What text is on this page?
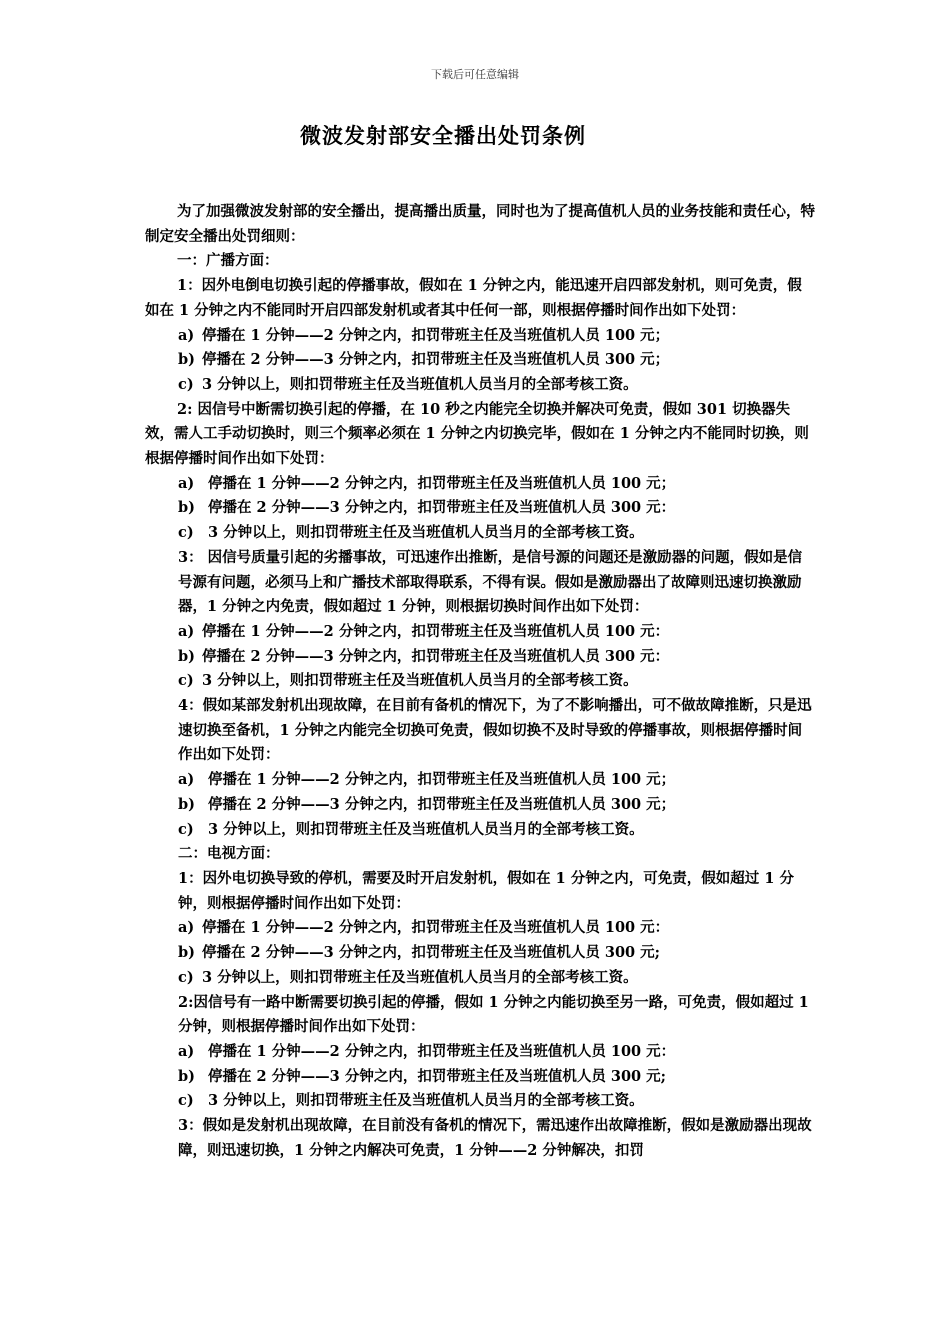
下载后可任意编辑
微波发射部安全播出处罚条例

为了加强微波发射部的安全播出，提高播出质量，同时也为了提高值机人员的业务技能和责任心，特制定安全播出处罚细则：

一：广播方面：

1：因外电倒电切换引起的停播事故，假如在 1 分钟之内，能迅速开启四部发射机，则可免责，假如在 1 分钟之内不能同时开启四部发射机或者其中任何一部，则根据停播时间作出如下处罚：

a) 停播在 1 分钟——2 分钟之内，扣罚带班主任及当班值机人员 100 元；
b) 停播在 2 分钟——3 分钟之内，扣罚带班主任及当班值机人员 300 元；
c) 3 分钟以上，则扣罚带班主任及当班值机人员当月的全部考核工资。

2: 因信号中断需切换引起的停播，在 10 秒之内能完全切换并解决可免责，假如 301 切换器失效，需人工手动切换时，则三个频率必须在 1 分钟之内切换完毕，假如在 1 分钟之内不能同时切换，则根据停播时间作出如下处罚：

a) 停播在 1 分钟——2 分钟之内，扣罚带班主任及当班值机人员 100 元；
b) 停播在 2 分钟——3 分钟之内，扣罚带班主任及当班值机人员 300 元：
c) 3 分钟以上，则扣罚带班主任及当班值机人员当月的全部考核工资。

3： 因信号质量引起的劣播事故，可迅速作出推断，是信号源的问题还是激励器的问题，假如是信号源有问题，必须马上和广播技术部取得联系，不得有误。假如是激励器出了故障则迅速切换激励器，1 分钟之内免责，假如超过 1 分钟，则根据切换时间作出如下处罚：

a) 停播在 1 分钟——2 分钟之内，扣罚带班主任及当班值机人员 100 元：
b) 停播在 2 分钟——3 分钟之内，扣罚带班主任及当班值机人员 300 元：
c) 3 分钟以上，则扣罚带班主任及当班值机人员当月的全部考核工资。

4：假如某部发射机出现故障，在目前有备机的情况下，为了不影响播出，可不做故障推断，只是迅速切换至备机，1 分钟之内能完全切换可免责，假如切换不及时导致的停播事故，则根据停播时间作出如下处罚：

a) 停播在 1 分钟——2 分钟之内，扣罚带班主任及当班值机人员 100 元；
b) 停播在 2 分钟——3 分钟之内，扣罚带班主任及当班值机人员 300 元；
c) 3 分钟以上，则扣罚带班主任及当班值机人员当月的全部考核工资。

二：电视方面：

1：因外电切换导致的停机，需要及时开启发射机，假如在 1 分钟之内，可免责，假如超过 1 分钟，则根据停播时间作出如下处罚：

a) 停播在 1 分钟——2 分钟之内，扣罚带班主任及当班值机人员 100 元：
b) 停播在 2 分钟——3 分钟之内，扣罚带班主任及当班值机人员 300 元;
c) 3 分钟以上，则扣罚带班主任及当班值机人员当月的全部考核工资。

2:因信号有一路中断需要切换引起的停播，假如 1 分钟之内能切换至另一路，可免责，假如超过 1 分钟，则根据停播时间作出如下处罚：

a) 停播在 1 分钟——2 分钟之内，扣罚带班主任及当班值机人员 100 元：
b) 停播在 2 分钟——3 分钟之内，扣罚带班主任及当班值机人员 300 元;
c) 3 分钟以上，则扣罚带班主任及当班值机人员当月的全部考核工资。

3：假如是发射机出现故障，在目前没有备机的情况下，需迅速作出故障推断，假如是激励器出现故障，则迅速切换，1 分钟之内解决可免责，1 分钟——2 分钟解决，扣罚
